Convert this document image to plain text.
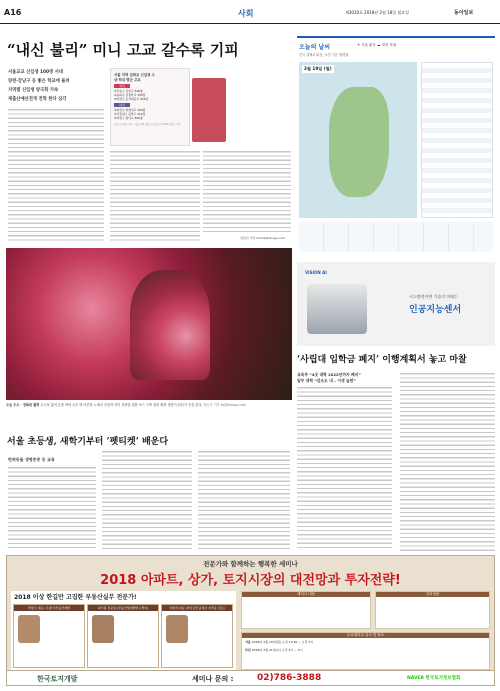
A16	사회	제3010호 2018년 2월 18일 월요일	동아일보
“내신 불리” 미니 고교 갈수록 기피
서울교교 신입생 100명 서대
양천·강남구 등 좋은 학교에 몰려
지역별 신입생 양극화 가속
재출산예산전개 전학 한다 심각
서울 지역 입학교 신입생 수
상·하위 몇군 고교
상위
①강동구 강일고 348명
②송파구 잠실학교 335명
③양천구 동서대문교 304명
하위
①양천구 양정여고 320명
②서울대구 문학고 312명
③양천구 명덕고 306명
서울시교육청 자료 : 서울 지역 일반고 중심으로 2018 학년도 기준
김하진 기자 kimhk@donga.com
오늘 우수 · 정복한 활력 우수성 없어 등을 바탕 우수 명 마련한 노매서 신입학 의미 상향을 위한 보드 구축 위한 확장 경험이 된다가 중심 본다. 장승진 기자 ksj@donga.com
오늘의 날씨	☀ 서울 맑음 ☁ 대전 흐림
전국 대체로 맑음, 오전 기온 영하권
2월 19일 (월)
VISION AI
시스템적이면 기술의 미래는
인공지능센서
‘사립대 입학금 폐지’ 이행계획서 놓고 마찰
교육부 “4곳 대학 2022년까지 폐지”
일부 대학 “감소도 내 – 이생 늘면”
서울 초등생, 새학기부터 ‘펫티켓’ 배운다
반려동물 생명존중 등 교육
전문가와 함께하는 행복한 세미나
2018 아파트, 상가, 토지시장의 대전망과 투자전략!
2018 이상 한길만 고집한 부동산실무 전문가!
박장수 대표 (주)한국부동산개발	최기원 전문위 (부동산업개발연구센터)	이현석 대표 (한국공인중개사 자격증 전문)
세미나 내용	강의내용
무료세미나 일시 및 장소
서울 2018년 2월 19일(월) 오전 10:30 ~ 오후 5시
부산 2018년 2월 21일(수) 오후 2시 ~ 5시
한국토지개발	세미나 문의 :	02)786-3888	NAVER 한국토지정보협회
